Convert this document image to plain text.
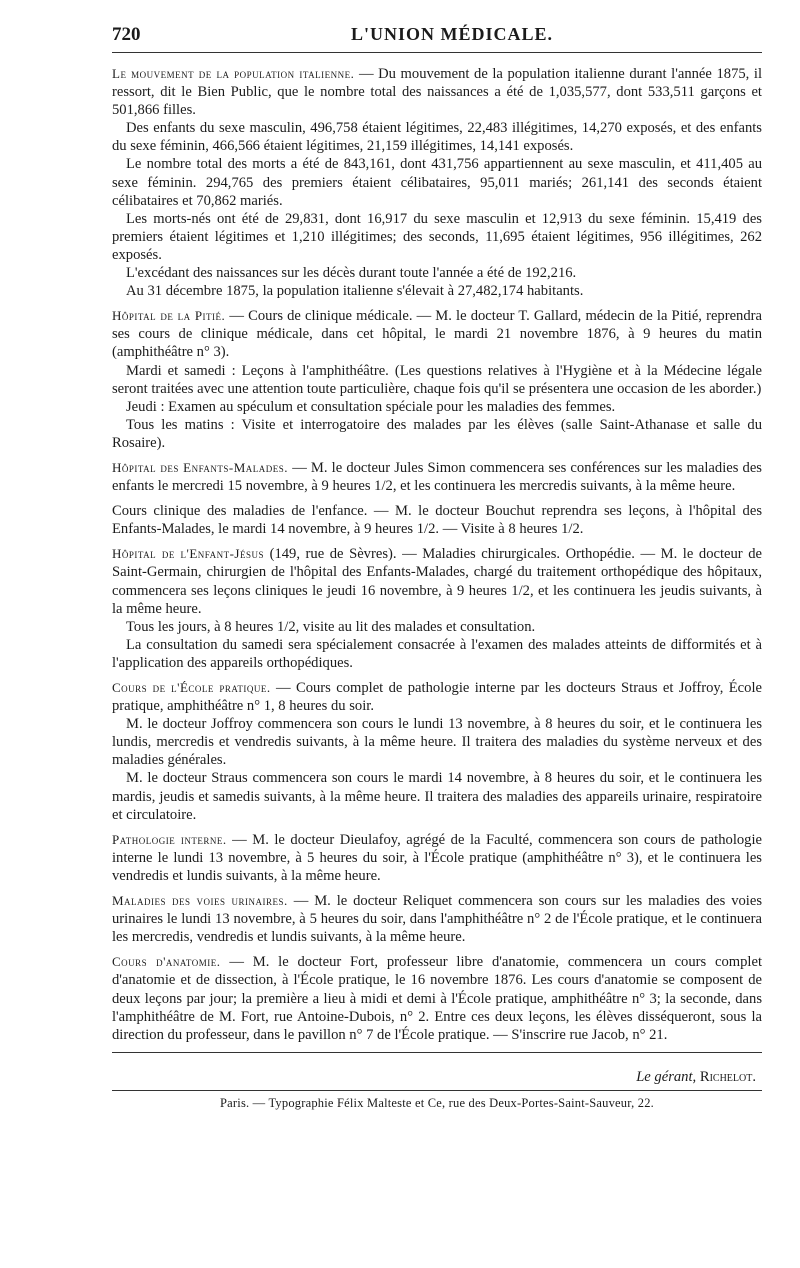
720	L'UNION MÉDICALE.

Le mouvement de la population italienne. — Du mouvement de la population italienne durant l'année 1875, il ressort, dit le Bien Public, que le nombre total des naissances a été de 1,035,577, dont 533,511 garçons et 501,866 filles.

Des enfants du sexe masculin, 496,758 étaient légitimes, 22,483 illégitimes, 14,270 exposés, et des enfants du sexe féminin, 466,566 étaient légitimes, 21,159 illégitimes, 14,141 exposés.

Le nombre total des morts a été de 843,161, dont 431,756 appartiennent au sexe masculin, et 411,405 au sexe féminin. 294,765 des premiers étaient célibataires, 95,011 mariés; 261,141 des seconds étaient célibataires et 70,862 mariés.

Les morts-nés ont été de 29,831, dont 16,917 du sexe masculin et 12,913 du sexe féminin. 15,419 des premiers étaient légitimes et 1,210 illégitimes; des seconds, 11,695 étaient légitimes, 956 illégitimes, 262 exposés.

L'excédant des naissances sur les décès durant toute l'année a été de 192,216.

Au 31 décembre 1875, la population italienne s'élevait à 27,482,174 habitants.

Hôpital de la Pitié. — Cours de clinique médicale. — M. le docteur T. Gallard, médecin de la Pitié, reprendra ses cours de clinique médicale, dans cet hôpital, le mardi 21 novembre 1876, à 9 heures du matin (amphithéâtre n° 3).

Mardi et samedi : Leçons à l'amphithéâtre. (Les questions relatives à l'Hygiène et à la Médecine légale seront traitées avec une attention toute particulière, chaque fois qu'il se présentera une occasion de les aborder.)

Jeudi : Examen au spéculum et consultation spéciale pour les maladies des femmes.

Tous les matins : Visite et interrogatoire des malades par les élèves (salle Saint-Athanase et salle du Rosaire).

Hôpital des Enfants-Malades. — M. le docteur Jules Simon commencera ses conférences sur les maladies des enfants le mercredi 15 novembre, à 9 heures 1/2, et les continuera les mercredis suivants, à la même heure.

Cours clinique des maladies de l'enfance. — M. le docteur Bouchut reprendra ses leçons, à l'hôpital des Enfants-Malades, le mardi 14 novembre, à 9 heures 1/2. — Visite à 8 heures 1/2.

Hôpital de l'Enfant-Jésus (149, rue de Sèvres). — Maladies chirurgicales. Orthopédie. — M. le docteur de Saint-Germain, chirurgien de l'hôpital des Enfants-Malades, chargé du traitement orthopédique des hôpitaux, commencera ses leçons cliniques le jeudi 16 novembre, à 9 heures 1/2, et les continuera les jeudis suivants, à la même heure.

Tous les jours, à 8 heures 1/2, visite au lit des malades et consultation.

La consultation du samedi sera spécialement consacrée à l'examen des malades atteints de difformités et à l'application des appareils orthopédiques.

Cours de l'École pratique. — Cours complet de pathologie interne par les docteurs Straus et Joffroy, École pratique, amphithéâtre n° 1, 8 heures du soir.

M. le docteur Joffroy commencera son cours le lundi 13 novembre, à 8 heures du soir, et le continuera les lundis, mercredis et vendredis suivants, à la même heure. Il traitera des maladies du système nerveux et des maladies générales.

M. le docteur Straus commencera son cours le mardi 14 novembre, à 8 heures du soir, et le continuera les mardis, jeudis et samedis suivants, à la même heure. Il traitera des maladies des appareils urinaire, respiratoire et circulatoire.

Pathologie interne. — M. le docteur Dieulafoy, agrégé de la Faculté, commencera son cours de pathologie interne le lundi 13 novembre, à 5 heures du soir, à l'École pratique (amphithéâtre n° 3), et le continuera les vendredis et lundis suivants, à la même heure.

Maladies des voies urinaires. — M. le docteur Reliquet commencera son cours sur les maladies des voies urinaires le lundi 13 novembre, à 5 heures du soir, dans l'amphithéâtre n° 2 de l'École pratique, et le continuera les mercredis, vendredis et lundis suivants, à la même heure.

Cours d'anatomie. — M. le docteur Fort, professeur libre d'anatomie, commencera un cours complet d'anatomie et de dissection, à l'École pratique, le 16 novembre 1876. Les cours d'anatomie se composent de deux leçons par jour; la première a lieu à midi et demi à l'École pratique, amphithéâtre n° 3; la seconde, dans l'amphithéâtre de M. Fort, rue Antoine-Dubois, n° 2. Entre ces deux leçons, les élèves disséqueront, sous la direction du professeur, dans le pavillon n° 7 de l'École pratique. — S'inscrire rue Jacob, n° 21.

Le gérant, Richelot.
Paris. — Typographie Félix Malteste et Ce, rue des Deux-Portes-Saint-Sauveur, 22.
